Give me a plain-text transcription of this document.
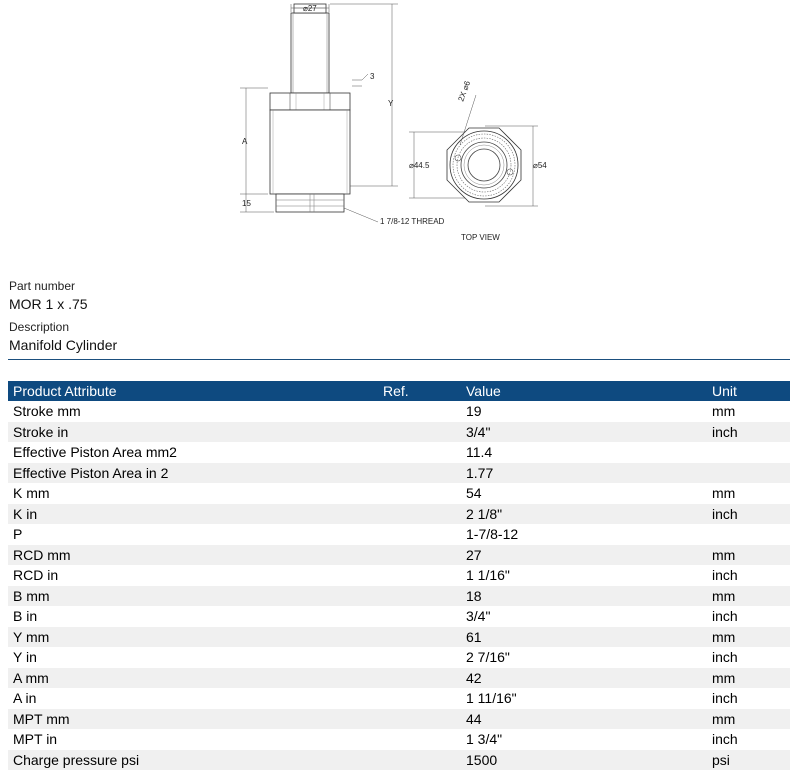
⌀27
3
Y
A
15
1 7/8-12 THREAD
2X ⌀6
⌀44.5	⌀54
TOP VIEW
Part number
MOR 1 x .75
Description
Manifold Cylinder
Product Attribute	Ref.	Value	Unit
Stroke mm		19	mm
Stroke in		3/4"	inch
Effective Piston Area mm2		11.4	
Effective Piston Area in 2		1.77	
K mm		54	mm
K in		2 1/8"	inch
P		1-7/8-12	
RCD mm		27	mm
RCD in		1 1/16"	inch
B mm		18	mm
B in		3/4"	inch
Y mm		61	mm
Y in		2 7/16"	inch
A mm		42	mm
A in		1 11/16"	inch
MPT mm		44	mm
MPT in		1 3/4"	inch
Charge pressure psi		1500	psi
